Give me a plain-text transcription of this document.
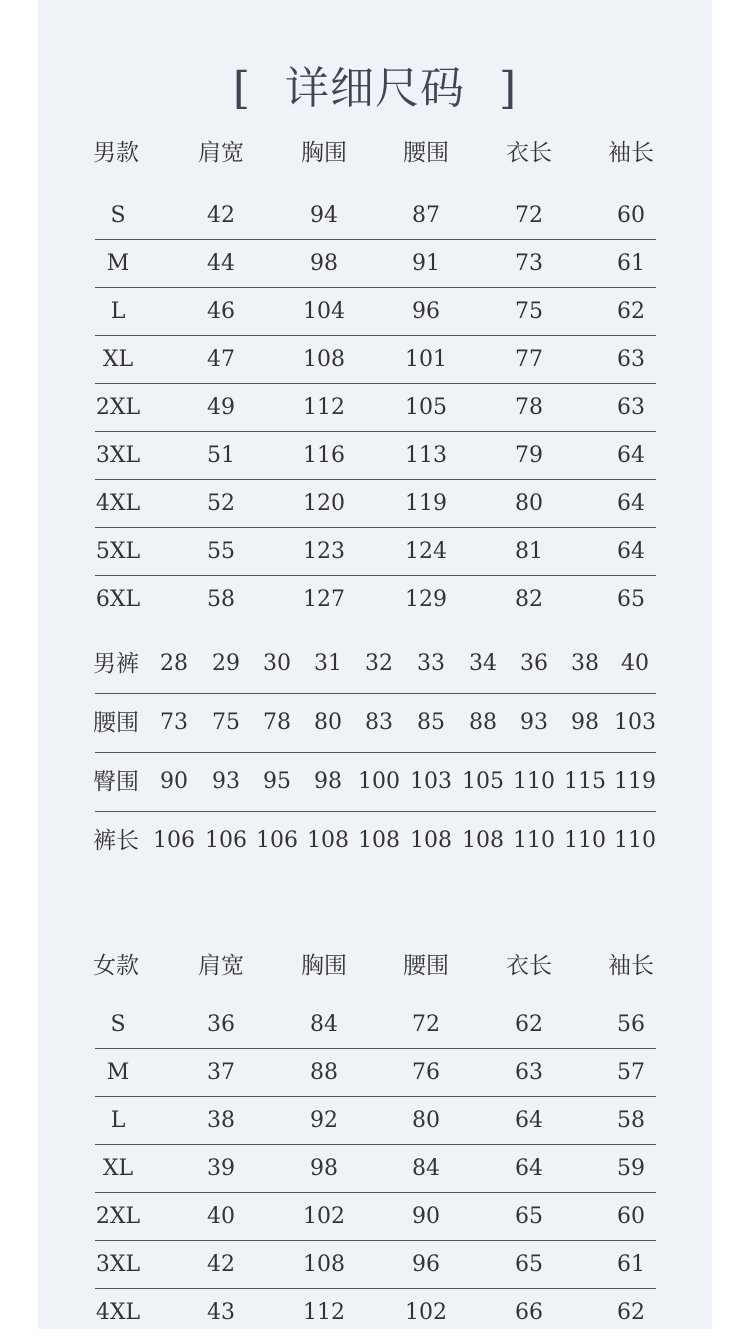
[ 详细尺码 ]
男款	肩宽	胸围	腰围	衣长	袖长
S	42	94	87	72	60
M	44	98	91	73	61
L	46	104	96	75	62
XL	47	108	101	77	63
2XL	49	112	105	78	63
3XL	51	116	113	79	64
4XL	52	120	119	80	64
5XL	55	123	124	81	64
6XL	58	127	129	82	65
男裤 28	29	30	31	32	33	34	36	38	40
腰围 73	75	78	80	83	85	88	93	98 103
臀围 90	93	95	98 100 103 105 110 115 119
裤长 106 106 106 108 108 108 108 110 110 110
女款	肩宽	胸围	腰围	衣长	袖长
S	36	84	72	62	56
M	37	88	76	63	57
L	38	92	80	64	58
XL	39	98	84	64	59
2XL	40	102	90	65	60
3XL	42	108	96	65	61
4XL	43	112	102	66	62
